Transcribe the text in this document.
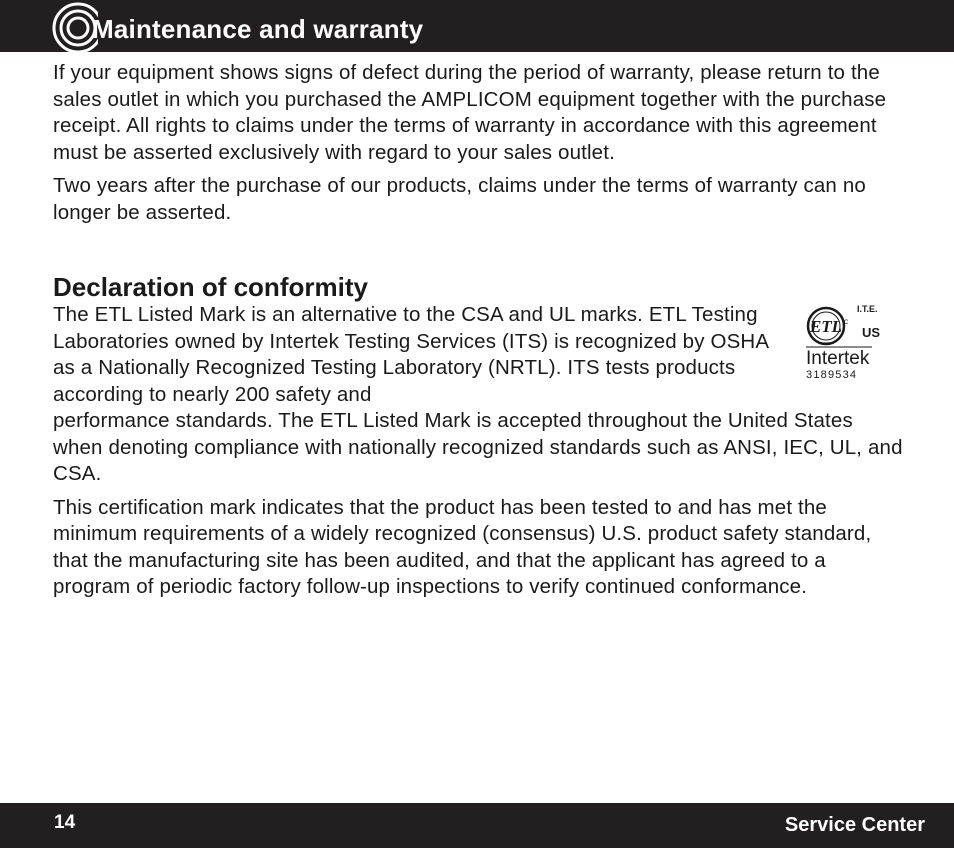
Maintenance and warranty

If your equipment shows signs of defect during the period of warranty, please return to the sales outlet in which you purchased the AMPLICOM equipment together with the purchase receipt. All rights to claims under the terms of warranty in accordance with this agreement must be asserted exclusively with regard to your sales outlet.

Two years after the purchase of our products, claims under the terms of warranty can no longer be asserted.

Declaration of conformity

The ETL Listed Mark is an alternative to the CSA and UL marks. ETL Testing Laboratories owned by Intertek Testing Services (ITS) is recognized by OSHA as a Nationally Recognized Testing Laboratory (NRTL). ITS tests products according to nearly 200 safety and

performance standards. The ETL Listed Mark is accepted throughout the United States when denoting compliance with nationally recognized standards such as ANSI, IEC, UL, and CSA.

This certification mark indicates that the product has been tested to and has met the minimum requirements of a widely recognized (consensus) U.S. product safety standard, that the manufacturing site has been audited, and that the applicant has agreed to a program of periodic factory follow-up inspections to verify continued conformance.

ETL C
I.T.E.
US
LISTED
Intertek
3189534
14	Service Center
